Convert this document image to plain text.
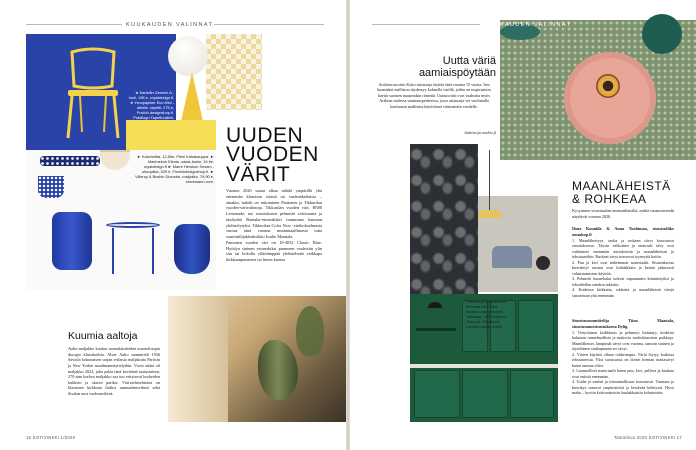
KUUKAUDEN VALINNAT
◄ Kartellin Generic A -tuoli, 198 e, royaldesign.fi. ◄ Yvonpapiker Eco Mini -alkiölo -tapetti, 275 e, Povloh-designshop.fi. Pradilogn Tapetti-tallett-
► Kahvimitta, 12,50e, Pieni Kahakauppa. ► Marimekon Elenia -vaasi-kanio, 19,9e, royaldesign.fi ► Marre Herskon Sesam -uhuujalka, 529 e, Finnishdesignshop.fi. ► Villeroy & Boshin Dionaba -maljakko, 79,90 e, stockmann.com.
UUDEN
VUODEN
VÄRIT
Vuonna 2020 saatat alkaa nähdä ympärillä yhä enemmän klassisen sinistä tai vaaleankeltaista – ainakin, mikäli on uskominen Pantonen ja Tikkurilan vuoden-värivalintoja. Tikkurilan vuoden väri, H500 Lemonade, tuo sisustukseen pehmeää valoisuutta ja täydyttää Rantaha-esimerkikei tunnusaan kansaan yhdistelytyksi. Tikkurilan Color Now -värikokoelmasta vuotaa tänä vuonna muutimaaillmasta tutta suurintitlijakkaiksikko Juulio Maanala.
Pantonen vuoden väri on 19-4052 Classic Blue. Hyödyn sininen esimerkiksi puumeen vaaleisiin ylin sini tai kokolla yllättämppää yhdistelmää vaikkapa kirkkaanpunaisen tai limen kanssa.
Kuumia aaltoja
Aalto-maljakko kuuluu suomalaisdeiden muotoiluopin dioogio klassikoihin. Alvar Aalto suunnitteli 1936 Savoila kokonaisen sarjan erilaisia maljakoita Pariisin ja New Yorkin maailmannäyttelyihin. Vuosi näätä oli maljakko 2022, joka palaa tänä kevätänä taaiustuteen, 270 mm korkea maljakko saa tuo erityisesti korkeiden kukkien ja oksien pariksi. Värivaihtoehtoina on klassinen kirkkaan lisäksi sammaleenvihreä sekä iltsalan uusi vaaleanvihreä.
16 KOTIVINKKI 1/2020
KUUKAUDEN VALINNAT
Uutta väriä aamiaispöytään
Arabian suosittu Koko-astiasarja täyttää tänä vuonna 15 vuotta. Sen kunniaksi malliston täydentyy kolmella värillä, joihin on inspiraation haettu suomen maaseudun riimettä. Uutuusvärit ovat vaaleaita myös Arabian uudessa suuntausperheessa, jossa astiasarja vei vuolimalla kuuluusen malleutta käyttöönsä värimattäin vuodelle.
lisätietoja arabia.fi
Pellmee-pinnoitetiiminen Reveräs värti-Värit mustaa ovat valkoisen Tarkkaaa. Väri Seltonen Gray-rivi. Ståsärnek Lahjatiri-ranjan keittiö.
MAANLÄHEISTÄ
& ROHKEAA
Kysyimme sisustusalan ammattilaisilta, mitkä sisustustrendit näyttävät vuonna 2020.
Ilona Kouniila & Anna Tuohimaa, sisustusliike omashop.fi
1. Maanläheisyys, rauha ja ruskean sävyt korostuvat sisustuksessa. Täysin valkoinen ja neutraali sävy ovat vaihtuneet enemmän aurinkoisiin ja maanläheisiin ja tekstuureihin. Ruskeat sävyt nousevat tyyneyttä kotiin.
2. Puu ja kivi ovat tärkeimmät materiaalit. Sisustuksessa kierrätetyt tavarat ovat kohdakkain ja kestää jatkuvasti valmistamiseen käyttöä.
3. Pehmeät huonekalut tulevat vapaammin kiinnitetyiksi ja tekstiileihin nainkin takaisin.
4. Kodeissa kirkkaita, rohkeita ja maanläheisiä värejä sisustetaan yhä enemmän.
Sisustussuunnittelija Tiina Maanala, sisustusaunesisustuksena Dylig.
1. Tietyslaisen kodikkuus ja pehmeys lisääntyy, kodeista halutaan tunnelmallisia ja muksvia rauhoittumisen paikkoja. Maanläheiset, lämpimät sävyt ovat vuonna, samoin sininen ja täyteläinen sinihapmaan eri sävyt.
2. Värien käyttöä ollaan rohkeampia. Väriä löytyy kaikissa tekstuureista. Yksi suosituista on iloiset hieman mattasävyt kuten tumma oliivi.
3. Luonnolliset materiaalit kuten puu, kivi, pellava ja kaiskaa ovat entistä enemmän.
4. Uudet ja vanhat ja toiminnallisuus korostuvat. Tuunaus ja kierrätys sanovat ympäristöstä ja kestävää kehitystä. Hyvä maku – hyviin kotivaatteisiin laadukkaisiin kalusteisiin.
Tammikuu 2020 KOTIVINKKI 17
